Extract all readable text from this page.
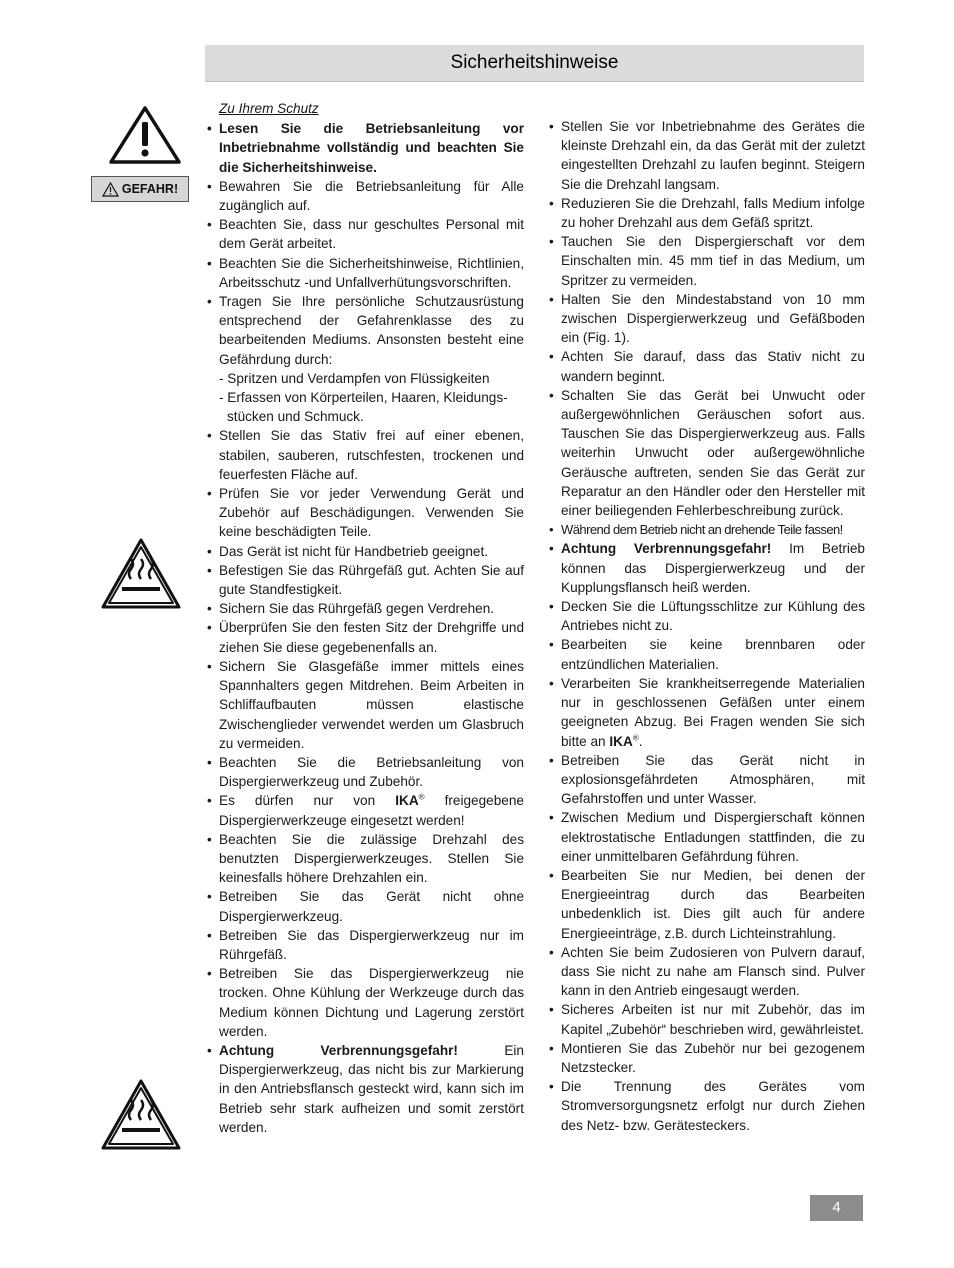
Sicherheitshinweise
GEFAHR!

Zu Ihrem Schutz

• Lesen Sie die Betriebsanleitung vor Inbetriebnahme vollständig und beachten Sie die Sicherheitshinweise.

• Bewahren Sie die Betriebsanleitung für Alle zugänglich auf.

• Beachten Sie, dass nur geschultes Personal mit dem Gerät arbeitet.

• Beachten Sie die Sicherheitshinweise, Richtlinien, Arbeitsschutz -und Unfallverhütungsvorschriften.

• Tragen Sie Ihre persönliche Schutzausrüstung entsprechend der Gefahrenklasse des zu bearbeitenden Mediums. Ansonsten besteht eine Gefährdung durch:

- Spritzen und Verdampfen von Flüssigkeiten

- Erfassen von Körperteilen, Haaren, Kleidungs-

stücken und Schmuck.

• Stellen Sie das Stativ frei auf einer ebenen, stabilen, sauberen, rutschfesten, trockenen und feuerfesten Fläche auf.

• Prüfen Sie vor jeder Verwendung Gerät und Zubehör auf Beschädigungen. Verwenden Sie keine beschädigten Teile.

• Das Gerät ist nicht für Handbetrieb geeignet.

• Befestigen Sie das Rührgefäß gut. Achten Sie auf gute Standfestigkeit.

• Sichern Sie das Rührgefäß gegen Verdrehen.

• Überprüfen Sie den festen Sitz der Drehgriffe und ziehen Sie diese gegebenenfalls an.

• Sichern Sie Glasgefäße immer mittels eines Spannhalters gegen Mitdrehen. Beim Arbeiten in Schliffaufbauten müssen elastische Zwischenglieder verwendet werden um Glasbruch zu vermeiden.

• Beachten Sie die Betriebsanleitung von Dispergierwerkzeug und Zubehör.

• Es dürfen nur von IKA® freigegebene Dispergierwerkzeuge eingesetzt werden!

• Beachten Sie die zulässige Drehzahl des benutzten Dispergierwerkzeuges. Stellen Sie keinesfalls höhere Drehzahlen ein.

• Betreiben Sie das Gerät nicht ohne Dispergierwerkzeug.

• Betreiben Sie das Dispergierwerkzeug nur im Rührgefäß.

• Betreiben Sie das Dispergierwerkzeug nie trocken. Ohne Kühlung der Werkzeuge durch das Medium können Dichtung und Lagerung zerstört werden.

• Achtung Verbrennungsgefahr! Ein Dispergierwerkzeug, das nicht bis zur Markierung in den Antriebsflansch gesteckt wird, kann sich im Betrieb sehr stark aufheizen und somit zerstört werden.

• Stellen Sie vor Inbetriebnahme des Gerätes die kleinste Drehzahl ein, da das Gerät mit der zuletzt eingestellten Drehzahl zu laufen beginnt. Steigern Sie die Drehzahl langsam.

• Reduzieren Sie die Drehzahl, falls Medium infolge zu hoher Drehzahl aus dem Gefäß spritzt.

• Tauchen Sie den Dispergierschaft vor dem Einschalten min. 45 mm tief in das Medium, um Spritzer zu vermeiden.

• Halten Sie den Mindestabstand von 10 mm zwischen Dispergierwerkzeug und Gefäßboden ein (Fig. 1).

• Achten Sie darauf, dass das Stativ nicht zu wandern beginnt.

• Schalten Sie das Gerät bei Unwucht oder außergewöhnlichen Geräuschen sofort aus. Tauschen Sie das Dispergierwerkzeug aus. Falls weiterhin Unwucht oder außergewöhnliche Geräusche auftreten, senden Sie das Gerät zur Reparatur an den Händler oder den Hersteller mit einer beiliegenden Fehlerbeschreibung zurück.

• Während dem Betrieb nicht an drehende Teile fassen!

• Achtung Verbrennungsgefahr! Im Betrieb können das Dispergierwerkzeug und der Kupplungsflansch heiß werden.

• Decken Sie die Lüftungsschlitze zur Kühlung des Antriebes nicht zu.

• Bearbeiten sie keine brennbaren oder entzündlichen Materialien.

• Verarbeiten Sie krankheitserregende Materialien nur in geschlossenen Gefäßen unter einem geeigneten Abzug. Bei Fragen wenden Sie sich bitte an IKA®.

• Betreiben Sie das Gerät nicht in explosionsgefährdeten Atmosphären, mit Gefahrstoffen und unter Wasser.

• Zwischen Medium und Dispergierschaft können elektrostatische Entladungen stattfinden, die zu einer unmittelbaren Gefährdung führen.

• Bearbeiten Sie nur Medien, bei denen der Energieeintrag durch das Bearbeiten unbedenklich ist. Dies gilt auch für andere Energieeinträge, z.B. durch Lichteinstrahlung.

• Achten Sie beim Zudosieren von Pulvern darauf, dass Sie nicht zu nahe am Flansch sind. Pulver kann in den Antrieb eingesaugt werden.

• Sicheres Arbeiten ist nur mit Zubehör, das im Kapitel „Zubehör“ beschrieben wird, gewährleistet.

• Montieren Sie das Zubehör nur bei gezogenem Netzstecker.

• Die Trennung des Gerätes vom Stromversorgungsnetz erfolgt nur durch Ziehen des Netz- bzw. Gerätesteckers.

4
